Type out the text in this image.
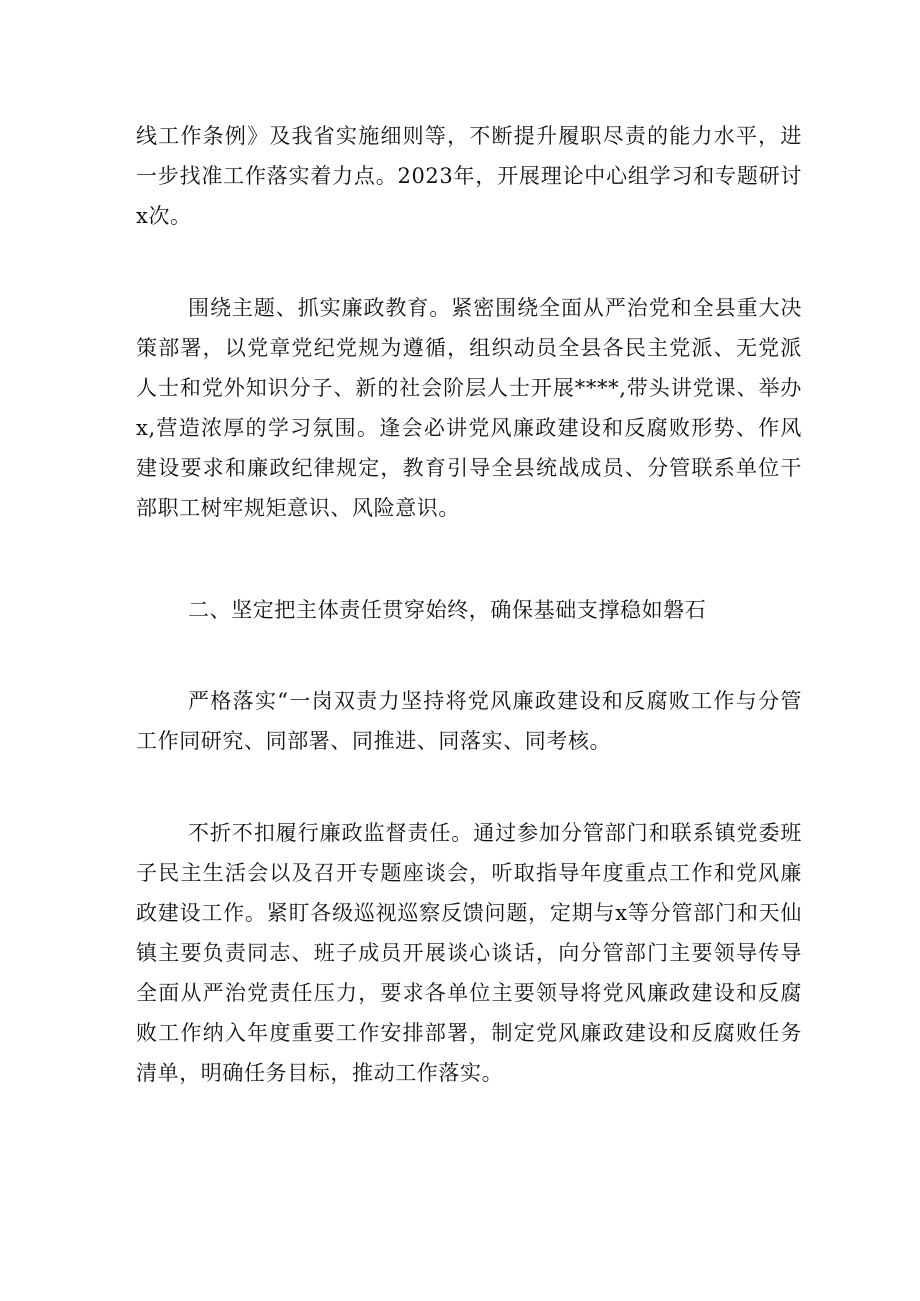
线工作条例》及我省实施细则等，不断提升履职尽责的能力水平，进一步找准工作落实着力点。2023年，开展理论中心组学习和专题研讨x次。

围绕主题、抓实廉政教育。紧密围绕全面从严治党和全县重大决策部署，以党章党纪党规为遵循，组织动员全县各民主党派、无党派人士和党外知识分子、新的社会阶层人士开展****,带头讲党课、举办x,营造浓厚的学习氛围。逢会必讲党风廉政建设和反腐败形势、作风建设要求和廉政纪律规定，教育引导全县统战成员、分管联系单位干部职工树牢规矩意识、风险意识。

二、坚定把主体责任贯穿始终，确保基础支撑稳如磐石

严格落实“一岗双责力坚持将党风廉政建设和反腐败工作与分管工作同研究、同部署、同推进、同落实、同考核。

不折不扣履行廉政监督责任。通过参加分管部门和联系镇党委班子民主生活会以及召开专题座谈会，听取指导年度重点工作和党风廉政建设工作。紧盯各级巡视巡察反馈问题，定期与x等分管部门和天仙镇主要负责同志、班子成员开展谈心谈话，向分管部门主要领导传导全面从严治党责任压力，要求各单位主要领导将党风廉政建设和反腐败工作纳入年度重要工作安排部署，制定党风廉政建设和反腐败任务清单，明确任务目标，推动工作落实。
